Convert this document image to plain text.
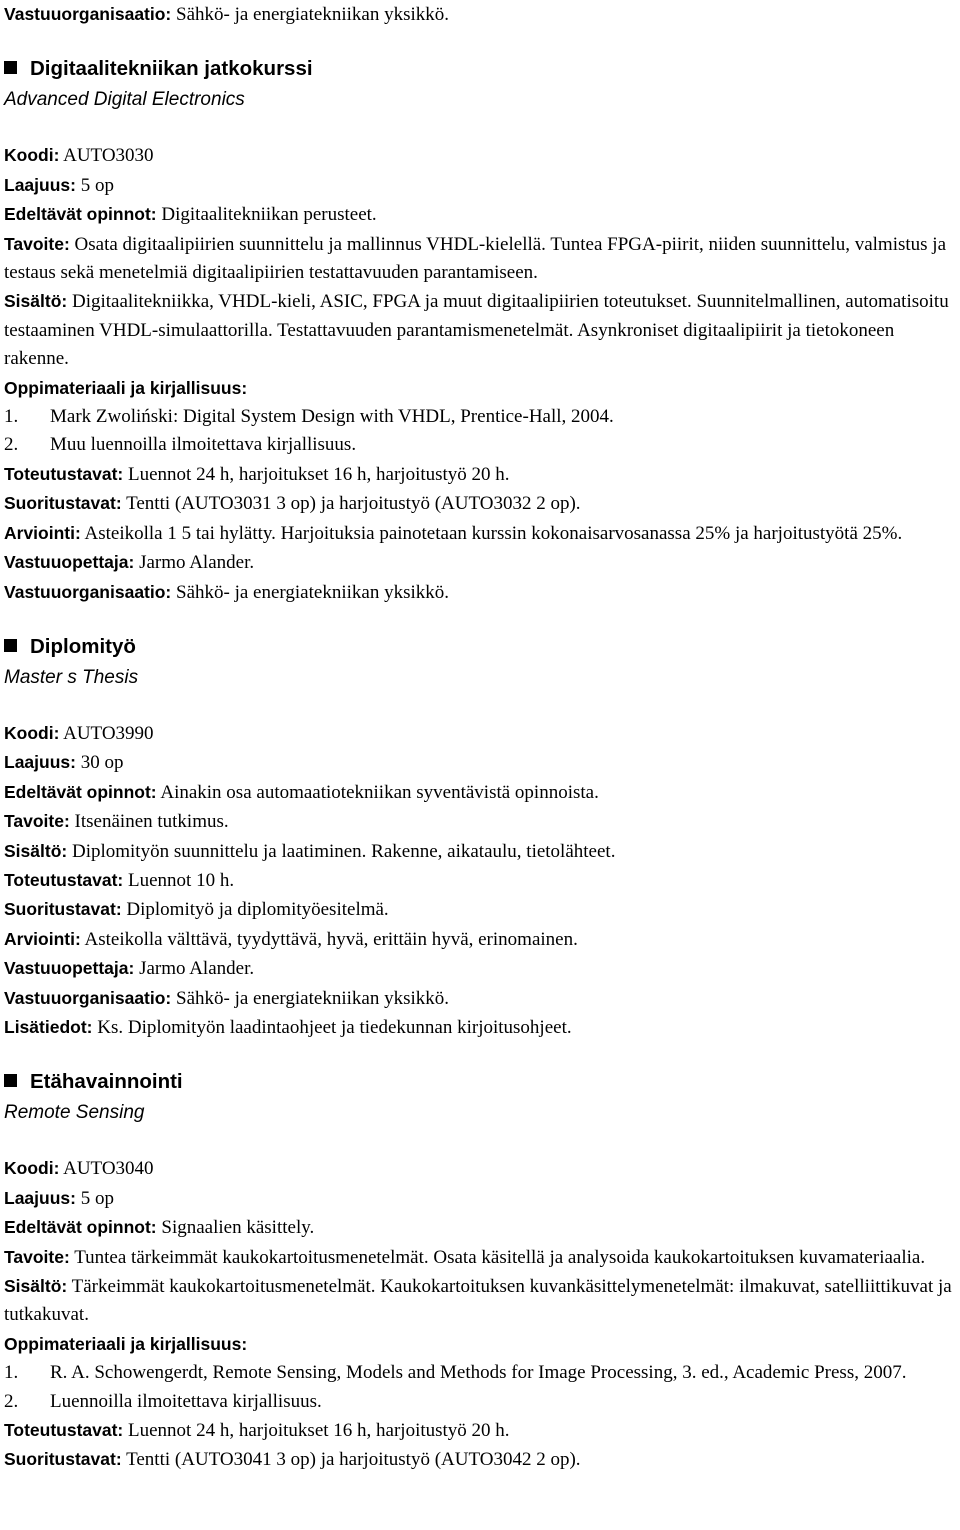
Vastuuorganisaatio: Sähkö- ja energiatekniikan yksikkö.
Digitaalitekniikan jatkokurssi
Advanced Digital Electronics
Koodi: AUTO3030
Laajuus: 5 op
Edeltävät opinnot: Digitaalitekniikan perusteet.
Tavoite: Osata digitaalipiirien suunnittelu ja mallinnus VHDL-kielellä. Tuntea FPGA-piirit, niiden suunnittelu, valmistus ja testaus sekä menetelmiä digitaalipiirien testattavuuden parantamiseen.
Sisältö: Digitaalitekniikka, VHDL-kieli, ASIC, FPGA ja muut digitaalipiirien toteutukset. Suunnitelmallinen, automatisoitu testaaminen VHDL-simulaattorilla. Testattavuuden parantamismenetelmät. Asynkroniset digitaalipiirit ja tietokoneen rakenne.
Oppimateriaali ja kirjallisuus:
1.	Mark Zwoliński: Digital System Design with VHDL, Prentice-Hall, 2004.
2.	Muu luennoilla ilmoitettava kirjallisuus.
Toteutustavat: Luennot 24 h, harjoitukset 16 h, harjoitustyö 20 h.
Suoritustavat: Tentti (AUTO3031 3 op) ja harjoitustyö (AUTO3032 2 op).
Arviointi: Asteikolla 1 5 tai hylätty. Harjoituksia painotetaan kurssin kokonaisarvosanassa 25% ja harjoitustyötä 25%.
Vastuuopettaja: Jarmo Alander.
Vastuuorganisaatio: Sähkö- ja energiatekniikan yksikkö.
Diplomityö
Master s Thesis
Koodi: AUTO3990
Laajuus: 30 op
Edeltävät opinnot: Ainakin osa automaatiotekniikan syventävistä opinnoista.
Tavoite: Itsenäinen tutkimus.
Sisältö: Diplomityön suunnittelu ja laatiminen. Rakenne, aikataulu, tietolähteet.
Toteutustavat: Luennot 10 h.
Suoritustavat: Diplomityö ja diplomityöesitelmä.
Arviointi: Asteikolla välttävä, tyydyttävä, hyvä, erittäin hyvä, erinomainen.
Vastuuopettaja: Jarmo Alander.
Vastuuorganisaatio: Sähkö- ja energiatekniikan yksikkö.
Lisätiedot: Ks. Diplomityön laadintaohjeet ja tiedekunnan kirjoitusohjeet.
Etähavainnointi
Remote Sensing
Koodi: AUTO3040
Laajuus: 5 op
Edeltävät opinnot: Signaalien käsittely.
Tavoite: Tuntea tärkeimmät kaukokartoitusmenetelmät. Osata käsitellä ja analysoida kaukokartoituksen kuvamateriaalia.
Sisältö: Tärkeimmät kaukokartoitusmenetelmät. Kaukokartoituksen kuvankäsittelymenetelmät: ilmakuvat, satelliittikuvat ja tutkakuvat.
Oppimateriaali ja kirjallisuus:
1.	R. A. Schowengerdt, Remote Sensing, Models and Methods for Image Processing, 3. ed., Academic Press, 2007.
2.	Luennoilla ilmoitettava kirjallisuus.
Toteutustavat: Luennot 24 h, harjoitukset 16 h, harjoitustyö 20 h.
Suoritustavat: Tentti (AUTO3041 3 op) ja harjoitustyö (AUTO3042 2 op).
